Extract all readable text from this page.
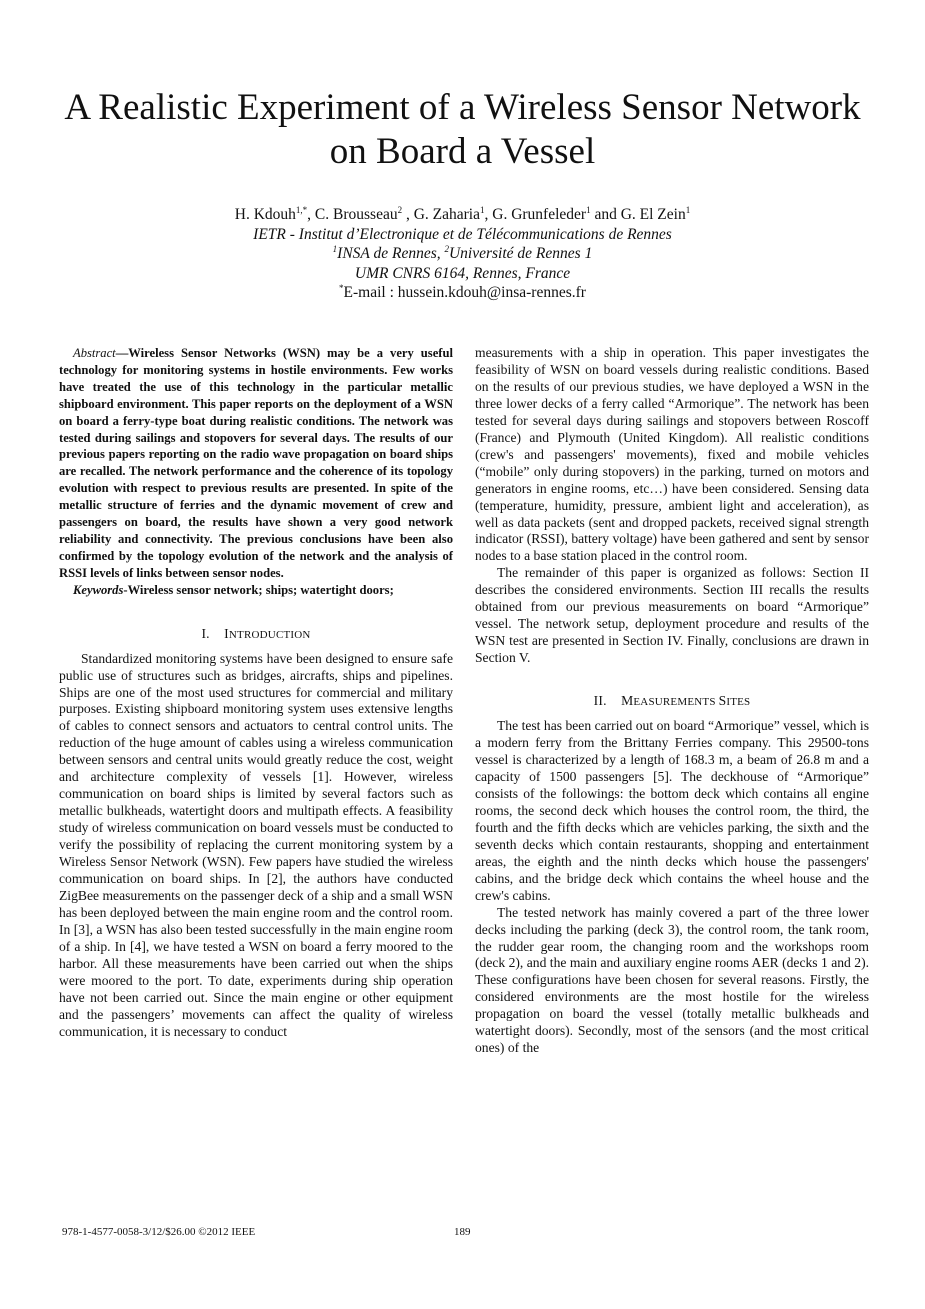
A Realistic Experiment of a Wireless Sensor Network
on Board a Vessel
H. Kdouh$^{1,*}$, C. Brousseau$^2$ , G. Zaharia$^1$, G. Grunfeleder$^1$ and G. El Zein$^1$
IETR - Institut d’Electronique et de Télécommunications de Rennes
$^1$INSA de Rennes, $^2$Université de Rennes 1
UMR CNRS 6164, Rennes, France
*E-mail : hussein.kdouh@insa-rennes.fr

Abstract—Wireless Sensor Networks (WSN) may be a very useful technology for monitoring systems in hostile environments. Few works have treated the use of this technology in the particular metallic shipboard environment. This paper reports on the deployment of a WSN on board a ferry-type boat during realistic conditions. The network was tested during sailings and stopovers for several days. The results of our previous papers reporting on the radio wave propagation on board ships are recalled. The network performance and the coherence of its topology evolution with respect to previous results are presented. In spite of the metallic structure of ferries and the dynamic movement of crew and passengers on board, the results have shown a very good network reliability and connectivity. The previous conclusions have been also confirmed by the topology evolution of the network and the analysis of RSSI levels of links between sensor nodes.

Keywords-Wireless sensor network; ships; watertight doors;

I. INTRODUCTION

Standardized monitoring systems have been designed to ensure safe public use of structures such as bridges, aircrafts, ships and pipelines. Ships are one of the most used structures for commercial and military purposes. Existing shipboard monitoring system uses extensive lengths of cables to connect sensors and actuators to central control units. The reduction of the huge amount of cables using a wireless communication between sensors and central units would greatly reduce the cost, weight and architecture complexity of vessels [1]. However, wireless communication on board ships is limited by several factors such as metallic bulkheads, watertight doors and multipath effects. A feasibility study of wireless communication on board vessels must be conducted to verify the possibility of replacing the current monitoring system by a Wireless Sensor Network (WSN). Few papers have studied the wireless communication on board ships. In [2], the authors have conducted ZigBee measurements on the passenger deck of a ship and a small WSN has been deployed between the main engine room and the control room. In [3], a WSN has also been tested successfully in the main engine room of a ship. In [4], we have tested a WSN on board a ferry moored to the harbor. All these measurements have been carried out when the ships were moored to the port. To date, experiments during ship operation have not been carried out. Since the main engine or other equipment and the passengers’ movements can affect the quality of wireless communication, it is necessary to conduct

measurements with a ship in operation. This paper investigates the feasibility of WSN on board vessels during realistic conditions. Based on the results of our previous studies, we have deployed a WSN in the three lower decks of a ferry called “Armorique”. The network has been tested for several days during sailings and stopovers between Roscoff (France) and Plymouth (United Kingdom). All realistic conditions (crew's and passengers' movements), fixed and mobile vehicles (“mobile” only during stopovers) in the parking, turned on motors and generators in engine rooms, etc…) have been considered. Sensing data (temperature, humidity, pressure, ambient light and acceleration), as well as data packets (sent and dropped packets, received signal strength indicator (RSSI), battery voltage) have been gathered and sent by sensor nodes to a base station placed in the control room.

The remainder of this paper is organized as follows: Section II describes the considered environments. Section III recalls the results obtained from our previous measurements on board “Armorique” vessel. The network setup, deployment procedure and results of the WSN test are presented in Section IV. Finally, conclusions are drawn in Section V.

II. MEASUREMENTS SITES

The test has been carried out on board “Armorique” vessel, which is a modern ferry from the Brittany Ferries company. This 29500-tons vessel is characterized by a length of 168.3 m, a beam of 26.8 m and a capacity of 1500 passengers [5]. The deckhouse of “Armorique” consists of the followings: the bottom deck which contains all engine rooms, the second deck which houses the control room, the third, the fourth and the fifth decks which are vehicles parking, the sixth and the seventh decks which contain restaurants, shopping and entertainment areas, the eighth and the ninth decks which house the passengers' cabins, and the bridge deck which contains the wheel house and the crew's cabins.

The tested network has mainly covered a part of the three lower decks including the parking (deck 3), the control room, the tank room, the rudder gear room, the changing room and the workshops room (deck 2), and the main and auxiliary engine rooms AER (decks 1 and 2). These configurations have been chosen for several reasons. Firstly, the considered environments are the most hostile for the wireless propagation on board the vessel (totally metallic bulkheads and watertight doors). Secondly, most of the sensors (and the most critical ones) of the

978-1-4577-0058-3/12/$26.00 ©2012 IEEE	189
